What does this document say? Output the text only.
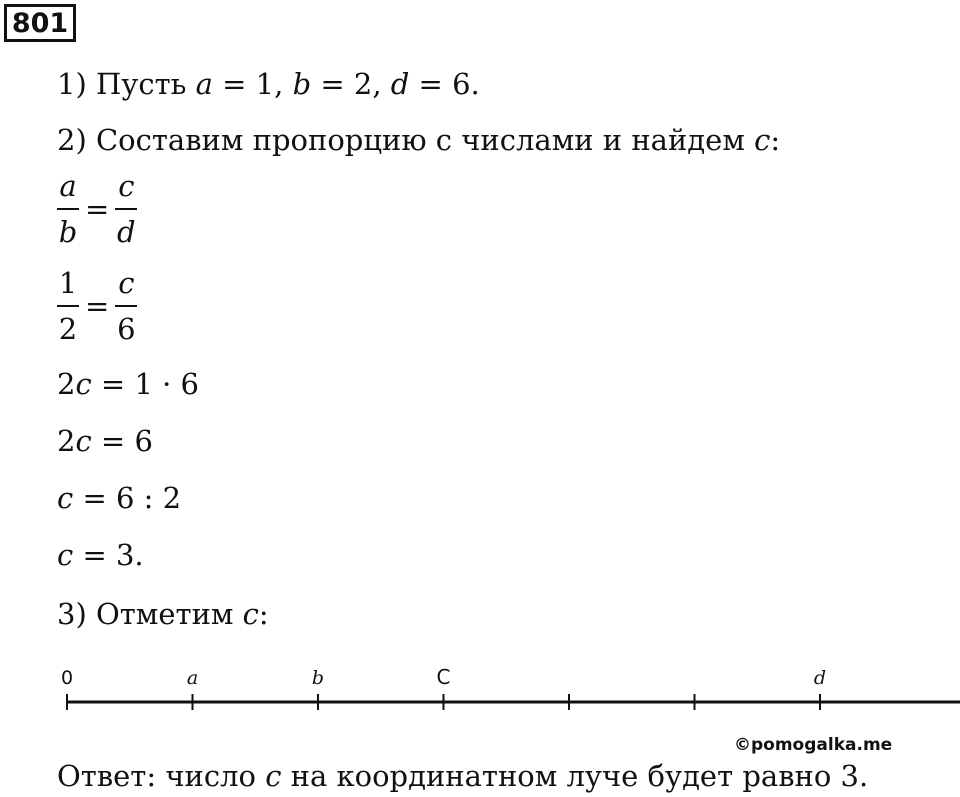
801
1) Пусть a = 1, b = 2, d = 6.
2) Составим пропорцию с числами и найдем c:
$\frac{a}{b} = \frac{c}{d}$
$\frac{1}{2} = \frac{c}{6}$
2c = 1 · 6
2c = 6
c = 6 : 2
c = 3.
3) Отметим c:
0	a	b	C	d
©pomogalka.me
Ответ: число c на координатном луче будет равно 3.
